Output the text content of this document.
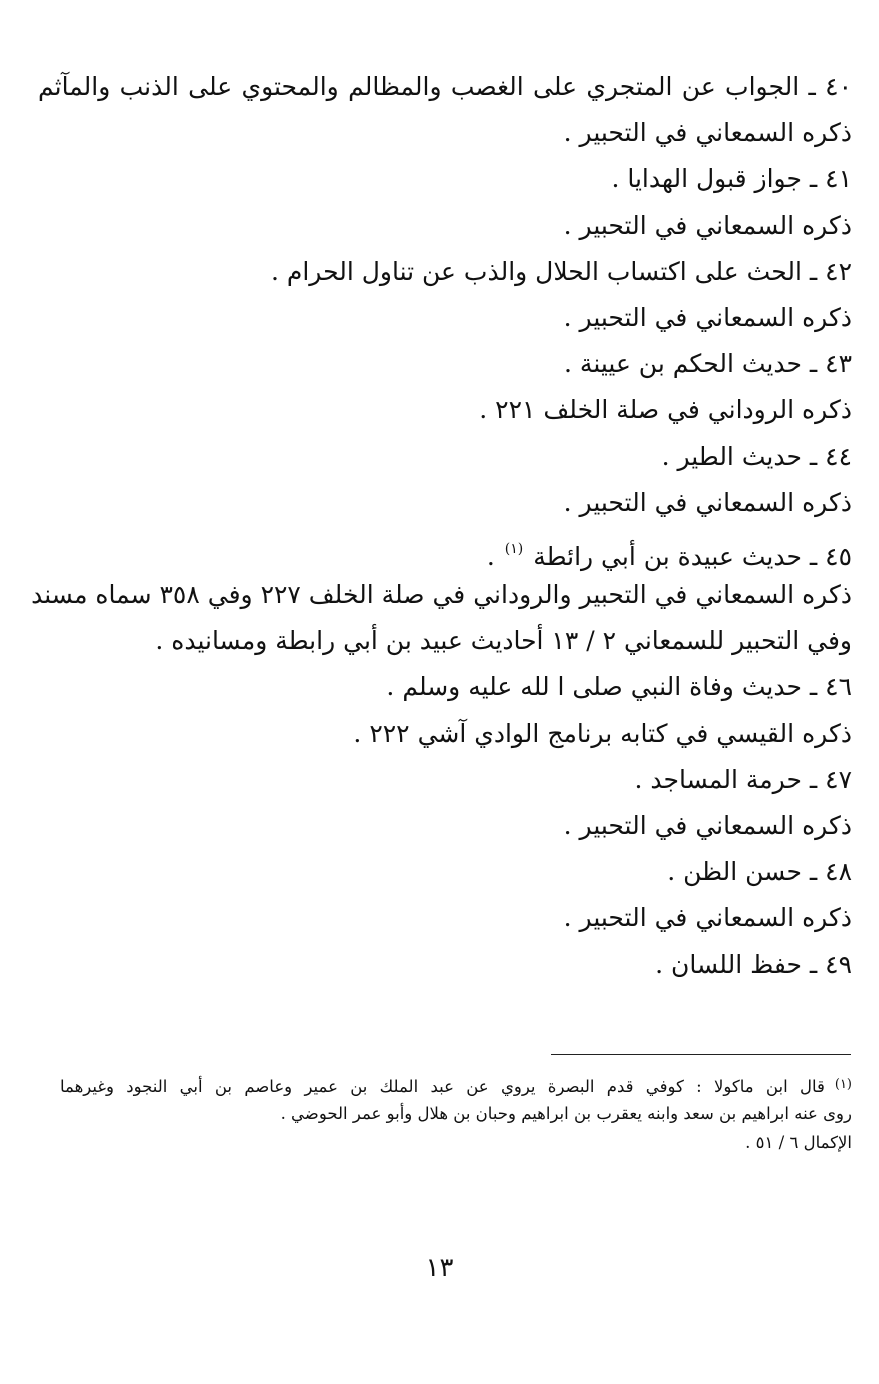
٤٠ ـ الجواب عن المتجري على الغصب والمظالم والمحتوي على الذنب والمآثم
ذكره السمعاني في التحبير .
٤١ ـ جواز قبول الهدايا .
ذكره السمعاني في التحبير .
٤٢ ـ الحث على اكتساب الحلال والذب عن تناول الحرام .
ذكره السمعاني في التحبير .
٤٣ ـ حديث الحكم بن عيينة .
ذكره الروداني في صلة الخلف ٢٢١ .
٤٤ ـ حديث الطير .
ذكره السمعاني في التحبير .
٤٥ ـ حديث عبيدة بن أبي رائطة $^{(١)}$ .
ذكره السمعاني في التحبير والروداني في صلة الخلف ٢٢٧ وفي ٣٥٨ سماه مسند
وفي التحبير للسمعاني ٢ / ١٣ أحاديث عبيد بن أبي رابطة ومسانيده .
٤٦ ـ حديث وفاة النبي صلى ا لله عليه وسلم .
ذكره القيسي في كتابه برنامج الوادي آشي ٢٢٢ .
٤٧ ـ حرمة المساجد .
ذكره السمعاني في التحبير .
٤٨ ـ حسن الظن .
ذكره السمعاني في التحبير .
٤٩ ـ حفظ اللسان .
$^{(١)}$قال ابن ماكولا : كوفي قدم البصرة يروي عن عبد الملك بن عمير وعاصم بن أبي النجود وغيرهما
روى عنه ابراهيم بن سعد وابنه يعقرب بن ابراهيم وحبان بن هلال وأبو عمر الحوضي .
الإكمال ٦ / ٥١ .
١٣
